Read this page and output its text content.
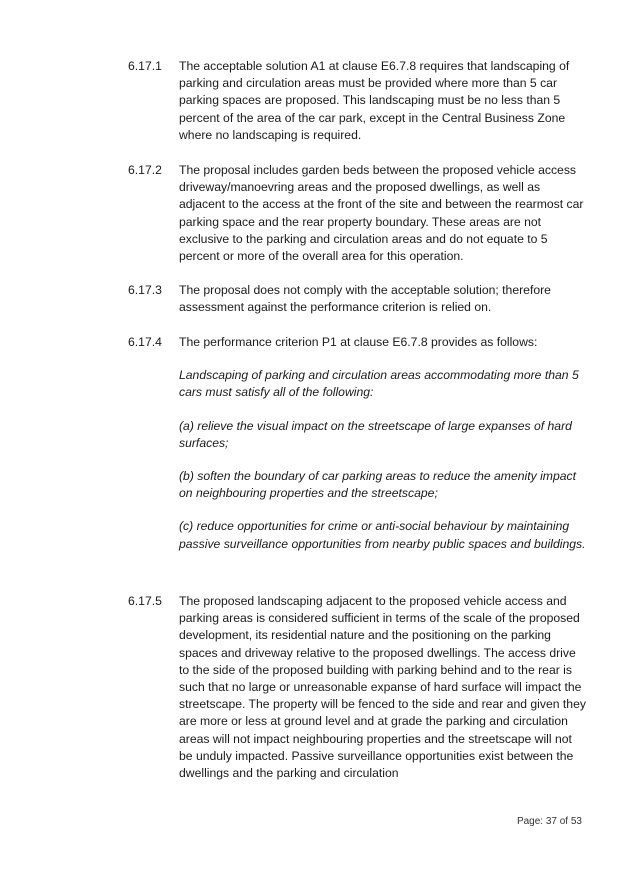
6.17.1	The acceptable solution A1 at clause E6.7.8 requires that landscaping of parking and circulation areas must be provided where more than 5 car parking spaces are proposed. This landscaping must be no less than 5 percent of the area of the car park, except in the Central Business Zone where no landscaping is required.

6.17.2	The proposal includes garden beds between the proposed vehicle access driveway/manoevring areas and the proposed dwellings, as well as adjacent to the access at the front of the site and between the rearmost car parking space and the rear property boundary. These areas are not exclusive to the parking and circulation areas and do not equate to 5 percent or more of the overall area for this operation.

6.17.3	The proposal does not comply with the acceptable solution; therefore assessment against the performance criterion is relied on.

6.17.4	The performance criterion P1 at clause E6.7.8 provides as follows:

Landscaping of parking and circulation areas accommodating more than 5 cars must satisfy all of the following:

(a) relieve the visual impact on the streetscape of large expanses of hard surfaces;

(b) soften the boundary of car parking areas to reduce the amenity impact on neighbouring properties and the streetscape;

(c) reduce opportunities for crime or anti-social behaviour by maintaining passive surveillance opportunities from nearby public spaces and buildings.

6.17.5	The proposed landscaping adjacent to the proposed vehicle access and parking areas is considered sufficient in terms of the scale of the proposed development, its residential nature and the positioning on the parking spaces and driveway relative to the proposed dwellings. The access drive to the side of the proposed building with parking behind and to the rear is such that no large or unreasonable expanse of hard surface will impact the streetscape. The property will be fenced to the side and rear and given they are more or less at ground level and at grade the parking and circulation areas will not impact neighbouring properties and the streetscape will not be unduly impacted. Passive surveillance opportunities exist between the dwellings and the parking and circulation

Page: 37 of 53
